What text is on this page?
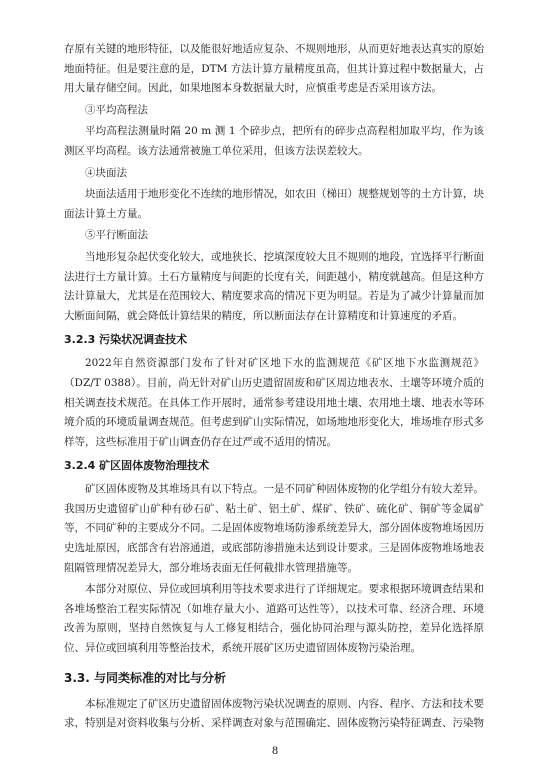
存原有关键的地形特征，以及能很好地适应复杂、不规则地形，从而更好地表达真实的原始地面特征。但是要注意的是，DTM 方法计算方量精度虽高，但其计算过程中数据量大，占用大量存储空间。因此，如果地图本身数据量大时，应慎重考虑是否采用该方法。

③平均高程法

平均高程法测量时隔 20 m 测 1 个碎步点，把所有的碎步点高程相加取平均，作为该测区平均高程。该方法通常被施工单位采用，但该方法误差较大。

④块面法

块面法适用于地形变化不连续的地形情况，如农田（梯田）规整规划等的土方计算，块面法计算土方量。

⑤平行断面法

当地形复杂起伏变化较大，或地狭长、挖填深度较大且不规则的地段，宜选择平行断面法进行土方量计算。土石方量精度与间距的长度有关，间距越小，精度就越高。但是这种方法计算量大，尤其是在范围较大、精度要求高的情况下更为明显。若是为了减少计算量而加大断面间隔，就会降低计算结果的精度，所以断面法存在计算精度和计算速度的矛盾。

3.2.3 污染状况调查技术

2022年自然资源部门发布了针对矿区地下水的监测规范《矿区地下水监测规范》（DZ/T 0388）。目前，尚无针对矿山历史遗留固废和矿区周边地表水、土壤等环境介质的相关调查技术规范。在具体工作开展时，通常参考建设用地土壤、农用地土壤、地表水等环境介质的环境质量调查规范。但考虑到矿山实际情况，如场地地形变化大，堆场堆存形式多样等，这些标准用于矿山调查仍存在过严或不适用的情况。

3.2.4 矿区固体废物治理技术

矿区固体废物及其堆场具有以下特点。一是不同矿种固体废物的化学组分有较大差异。我国历史遗留矿山矿种有砂石矿、粘土矿、铝土矿、煤矿、铁矿、硫化矿、铜矿等金属矿等，不同矿种的主要成分不同。二是固体废物堆场防渗系统差异大，部分固体废物堆场因历史选址原因，底部含有岩溶通道，或底部防渗措施未达到设计要求。三是固体废物堆场地表阻隔管理情况差异大，部分堆场表面无任何截排水管理措施等。

本部分对原位、异位或回填利用等技术要求进行了详细规定。要求根据环境调查结果和各堆场整治工程实际情况（如堆存量大小、道路可达性等），以技术可靠、经济合理、环境改善为原则，坚持自然恢复与人工修复相结合，强化协同治理与源头防控，差异化选择原位、异位或回填利用等整治技术，系统开展矿区历史遗留固体废物污染治理。

3.3. 与同类标准的对比与分析

本标准规定了矿区历史遗留固体废物污染状况调查的原则、内容、程序、方法和技术要求，特别是对资料收集与分析、采样调查对象与范围确定、固体废物污染特征调查、污染物

8
